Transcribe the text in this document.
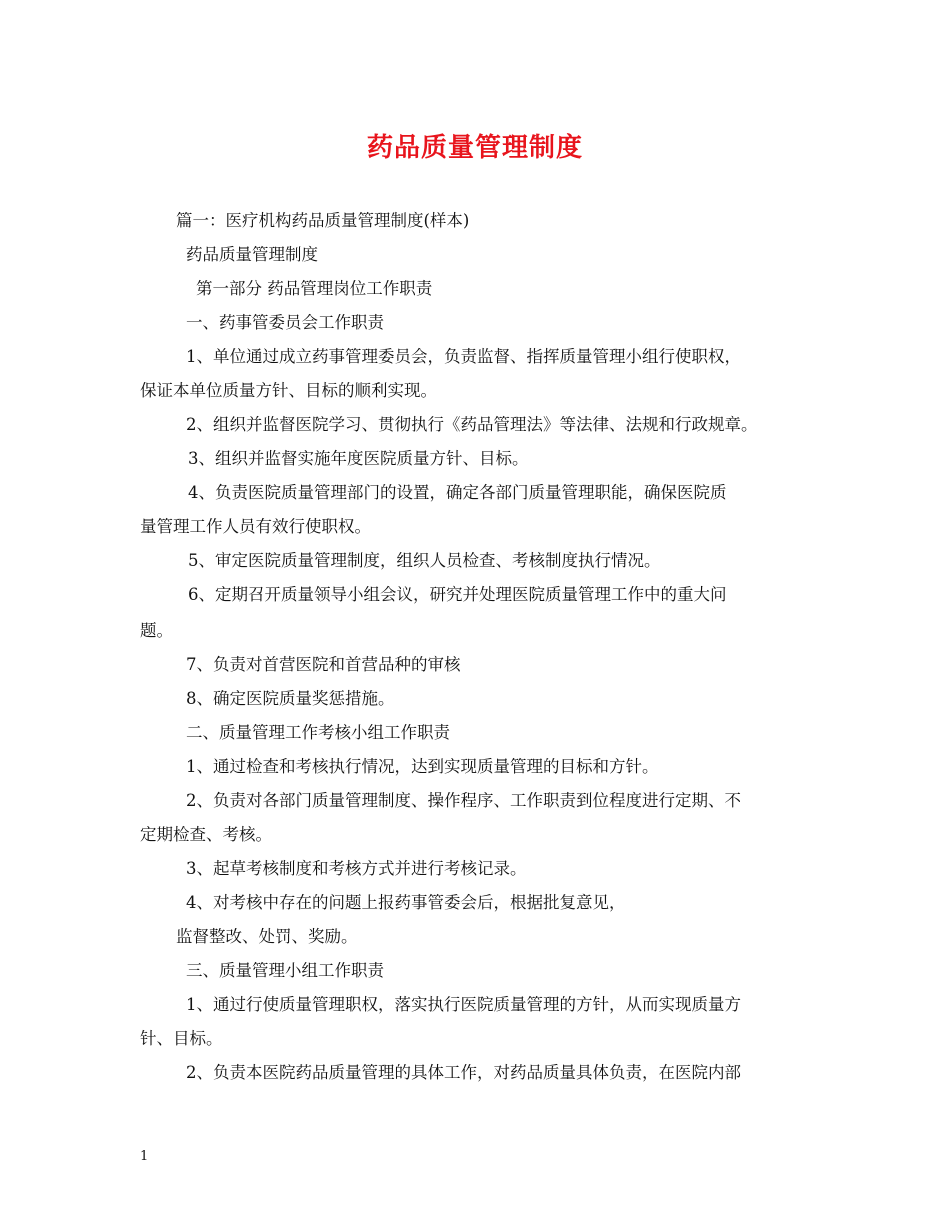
药品质量管理制度
篇一：医疗机构药品质量管理制度(样本)
药品质量管理制度
第一部分 药品管理岗位工作职责
一、药事管委员会工作职责
1、单位通过成立药事管理委员会，负责监督、指挥质量管理小组行使职权，
保证本单位质量方针、目标的顺利实现。
2、组织并监督医院学习、贯彻执行《药品管理法》等法律、法规和行政规章。
3、组织并监督实施年度医院质量方针、目标。
4、负责医院质量管理部门的设置，确定各部门质量管理职能，确保医院质
量管理工作人员有效行使职权。
5、审定医院质量管理制度，组织人员检查、考核制度执行情况。
6、定期召开质量领导小组会议，研究并处理医院质量管理工作中的重大问
题。
7、负责对首营医院和首营品种的审核
8、确定医院质量奖惩措施。
二、质量管理工作考核小组工作职责
1、通过检查和考核执行情况，达到实现质量管理的目标和方针。
2、负责对各部门质量管理制度、操作程序、工作职责到位程度进行定期、不
定期检查、考核。
3、起草考核制度和考核方式并进行考核记录。
4、对考核中存在的问题上报药事管委会后，根据批复意见，
监督整改、处罚、奖励。
三、质量管理小组工作职责
1、通过行使质量管理职权，落实执行医院质量管理的方针，从而实现质量方
针、目标。
2、负责本医院药品质量管理的具体工作，对药品质量具体负责，在医院内部
1
